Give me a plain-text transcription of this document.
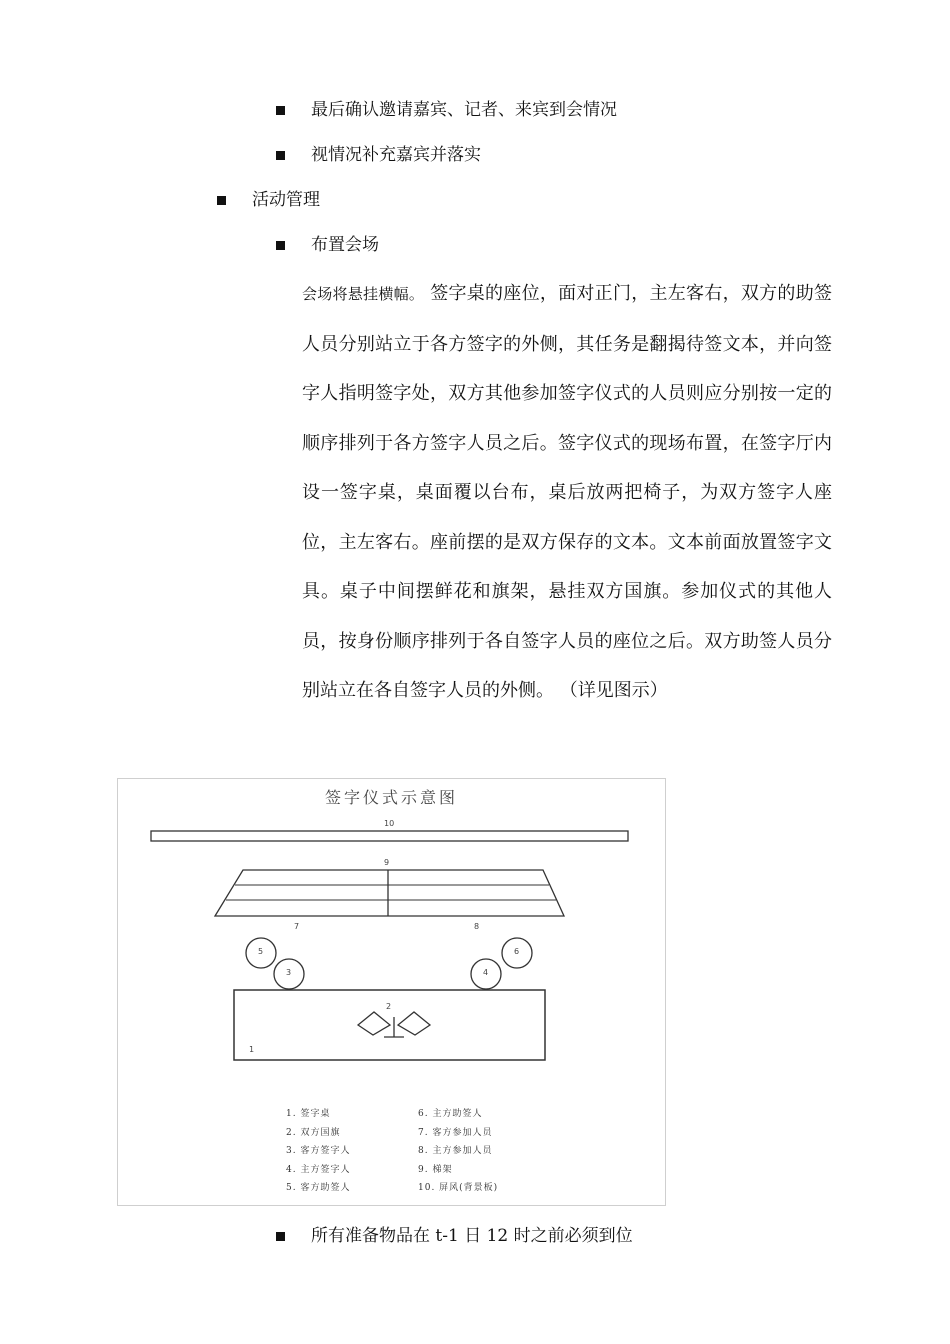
最后确认邀请嘉宾、记者、来宾到会情况
视情况补充嘉宾并落实
活动管理
布置会场
会场将悬挂横幅。 签字桌的座位，面对正门，主左客右，双方的助签人员分别站立于各方签字的外侧，其任务是翻揭待签文本，并向签字人指明签字处，双方其他参加签字仪式的人员则应分别按一定的顺序排列于各方签字人员之后。签字仪式的现场布置，在签字厅内设一签字桌，桌面覆以台布，桌后放两把椅子，为双方签字人座位，主左客右。座前摆的是双方保存的文本。文本前面放置签字文具。桌子中间摆鲜花和旗架，悬挂双方国旗。参加仪式的其他人员，按身份顺序排列于各自签字人员的座位之后。双方助签人员分别站立在各自签字人员的外侧。 （详见图示）
签字仪式示意图
10
9
7	8
5	6
3	4
2
1
1. 签字桌
2. 双方国旗
3. 客方签字人
4. 主方签字人
5. 客方助签人
6. 主方助签人
7. 客方参加人员
8. 主方参加人员
9. 梯架
10. 屏风(背景板)
所有准备物品在 t-1 日 12 时之前必须到位
